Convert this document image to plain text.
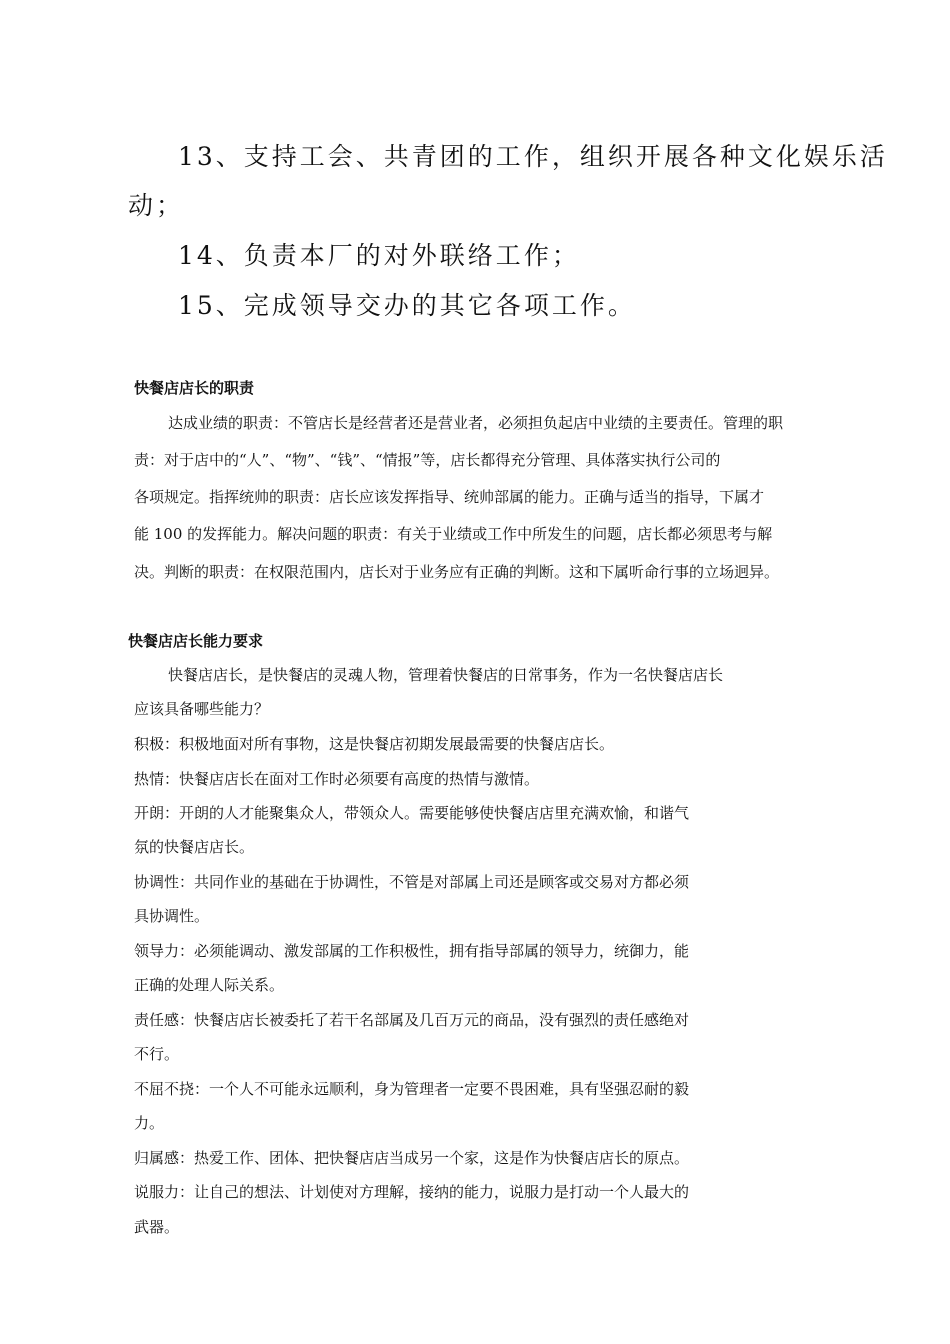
13、支持工会、共青团的工作，组织开展各种文化娱乐活
动；
14、负责本厂的对外联络工作；
15、完成领导交办的其它各项工作。
快餐店店长的职责
达成业绩的职责：不管店长是经营者还是营业者，必须担负起店中业绩的主要责任。管理的职
责：对于店中的“人”、“物”、“钱”、“情报”等，店长都得充分管理、具体落实执行公司的
各项规定。指挥统帅的职责：店长应该发挥指导、统帅部属的能力。正确与适当的指导，下属才
能 100 的发挥能力。解决问题的职责：有关于业绩或工作中所发生的问题，店长都必须思考与解
决。判断的职责：在权限范围内，店长对于业务应有正确的判断。这和下属听命行事的立场迥异。
快餐店店长能力要求
快餐店店长，是快餐店的灵魂人物，管理着快餐店的日常事务，作为一名快餐店店长
应该具备哪些能力？
积极：积极地面对所有事物，这是快餐店初期发展最需要的快餐店店长。
热情：快餐店店长在面对工作时必须要有高度的热情与激情。
开朗：开朗的人才能聚集众人，带领众人。需要能够使快餐店店里充满欢愉，和谐气
氛的快餐店店长。
协调性：共同作业的基础在于协调性，不管是对部属上司还是顾客或交易对方都必须
具协调性。
领导力：必须能调动、激发部属的工作积极性，拥有指导部属的领导力，统御力，能
正确的处理人际关系。
责任感：快餐店店长被委托了若干名部属及几百万元的商品，没有强烈的责任感绝对
不行。
不屈不挠：一个人不可能永远顺利，身为管理者一定要不畏困难，具有坚强忍耐的毅
力。
归属感：热爱工作、团体、把快餐店店当成另一个家，这是作为快餐店店长的原点。
说服力：让自己的想法、计划使对方理解，接纳的能力，说服力是打动一个人最大的
武器。
